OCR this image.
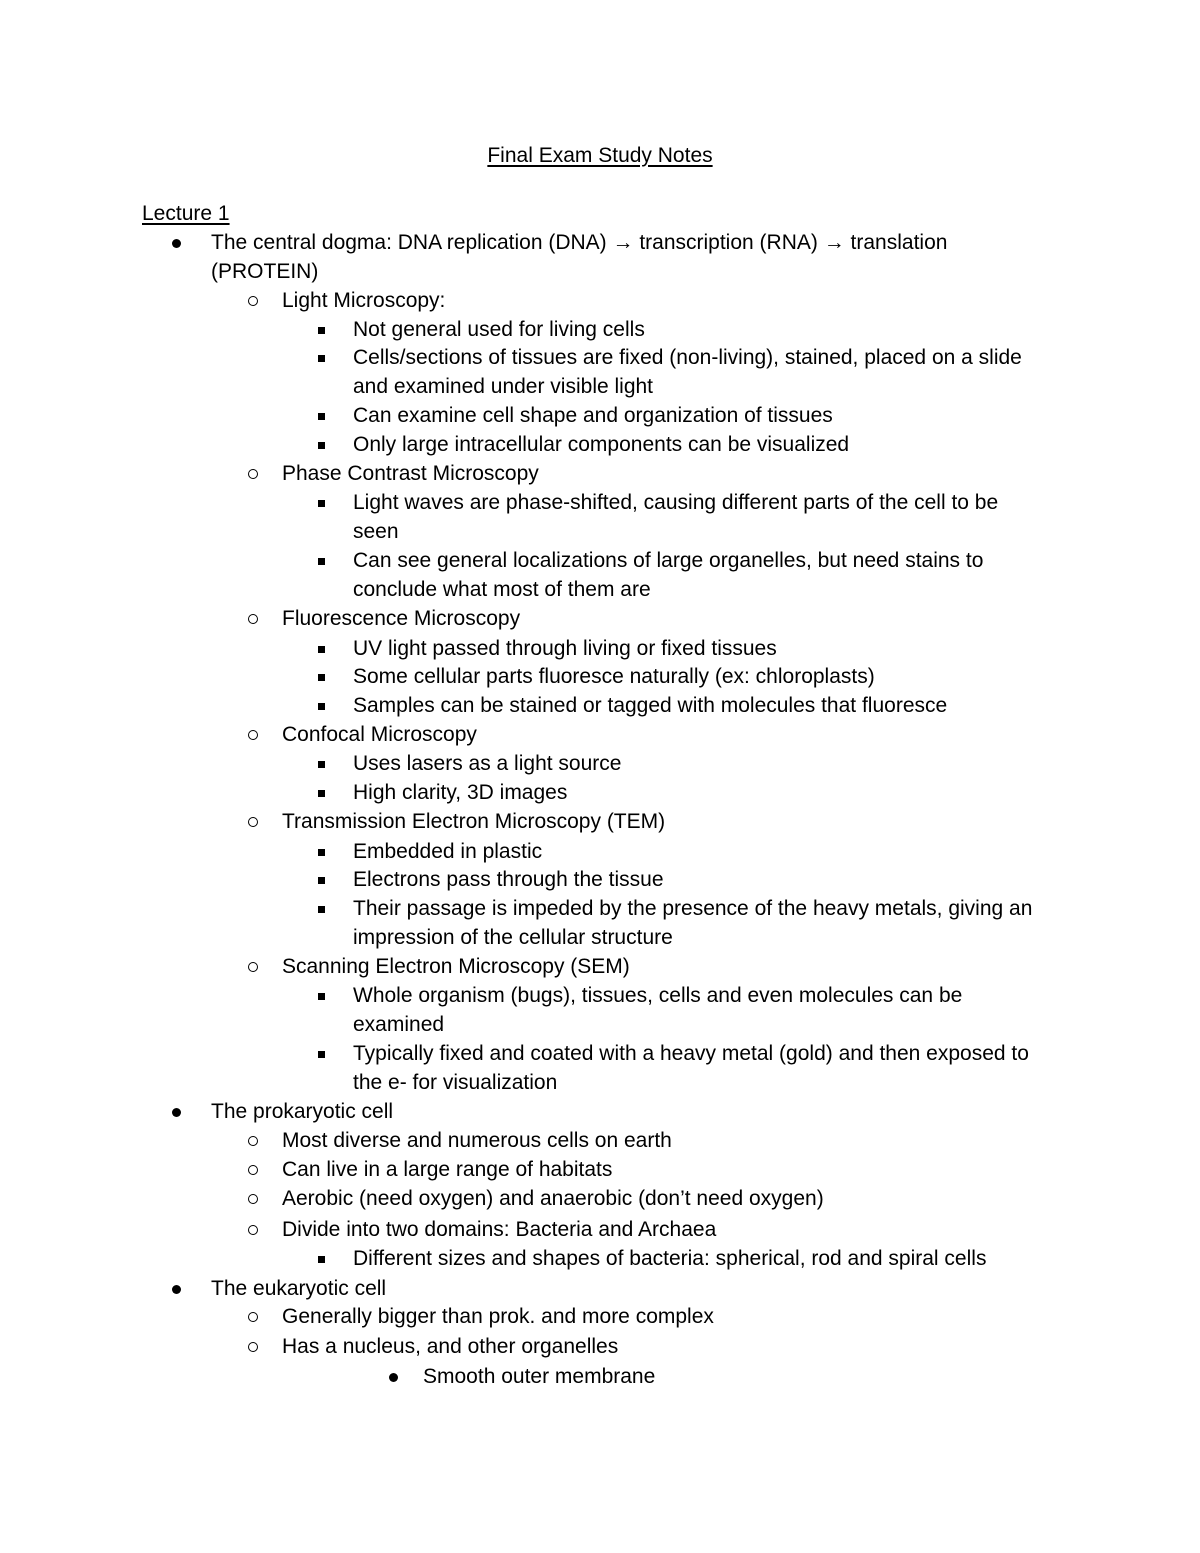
Final Exam Study Notes
Lecture 1
The central dogma: DNA replication (DNA) → transcription (RNA) → translation
(PROTEIN)
Light Microscopy:
Not general used for living cells
Cells/sections of tissues are fixed (non-living), stained, placed on a slide
and examined under visible light
Can examine cell shape and organization of tissues
Only large intracellular components can be visualized
Phase Contrast Microscopy
Light waves are phase-shifted, causing different parts of the cell to be
seen
Can see general localizations of large organelles, but need stains to
conclude what most of them are
Fluorescence Microscopy
UV light passed through living or fixed tissues
Some cellular parts fluoresce naturally (ex: chloroplasts)
Samples can be stained or tagged with molecules that fluoresce
Confocal Microscopy
Uses lasers as a light source
High clarity, 3D images
Transmission Electron Microscopy (TEM)
Embedded in plastic
Electrons pass through the tissue
Their passage is impeded by the presence of the heavy metals, giving an
impression of the cellular structure
Scanning Electron Microscopy (SEM)
Whole organism (bugs), tissues, cells and even molecules can be
examined
Typically fixed and coated with a heavy metal (gold) and then exposed to
the e- for visualization
The prokaryotic cell
Most diverse and numerous cells on earth
Can live in a large range of habitats
Aerobic (need oxygen) and anaerobic (don’t need oxygen)
Divide into two domains: Bacteria and Archaea
Different sizes and shapes of bacteria: spherical, rod and spiral cells
The eukaryotic cell
Generally bigger than prok. and more complex
Has a nucleus, and other organelles
Smooth outer membrane
